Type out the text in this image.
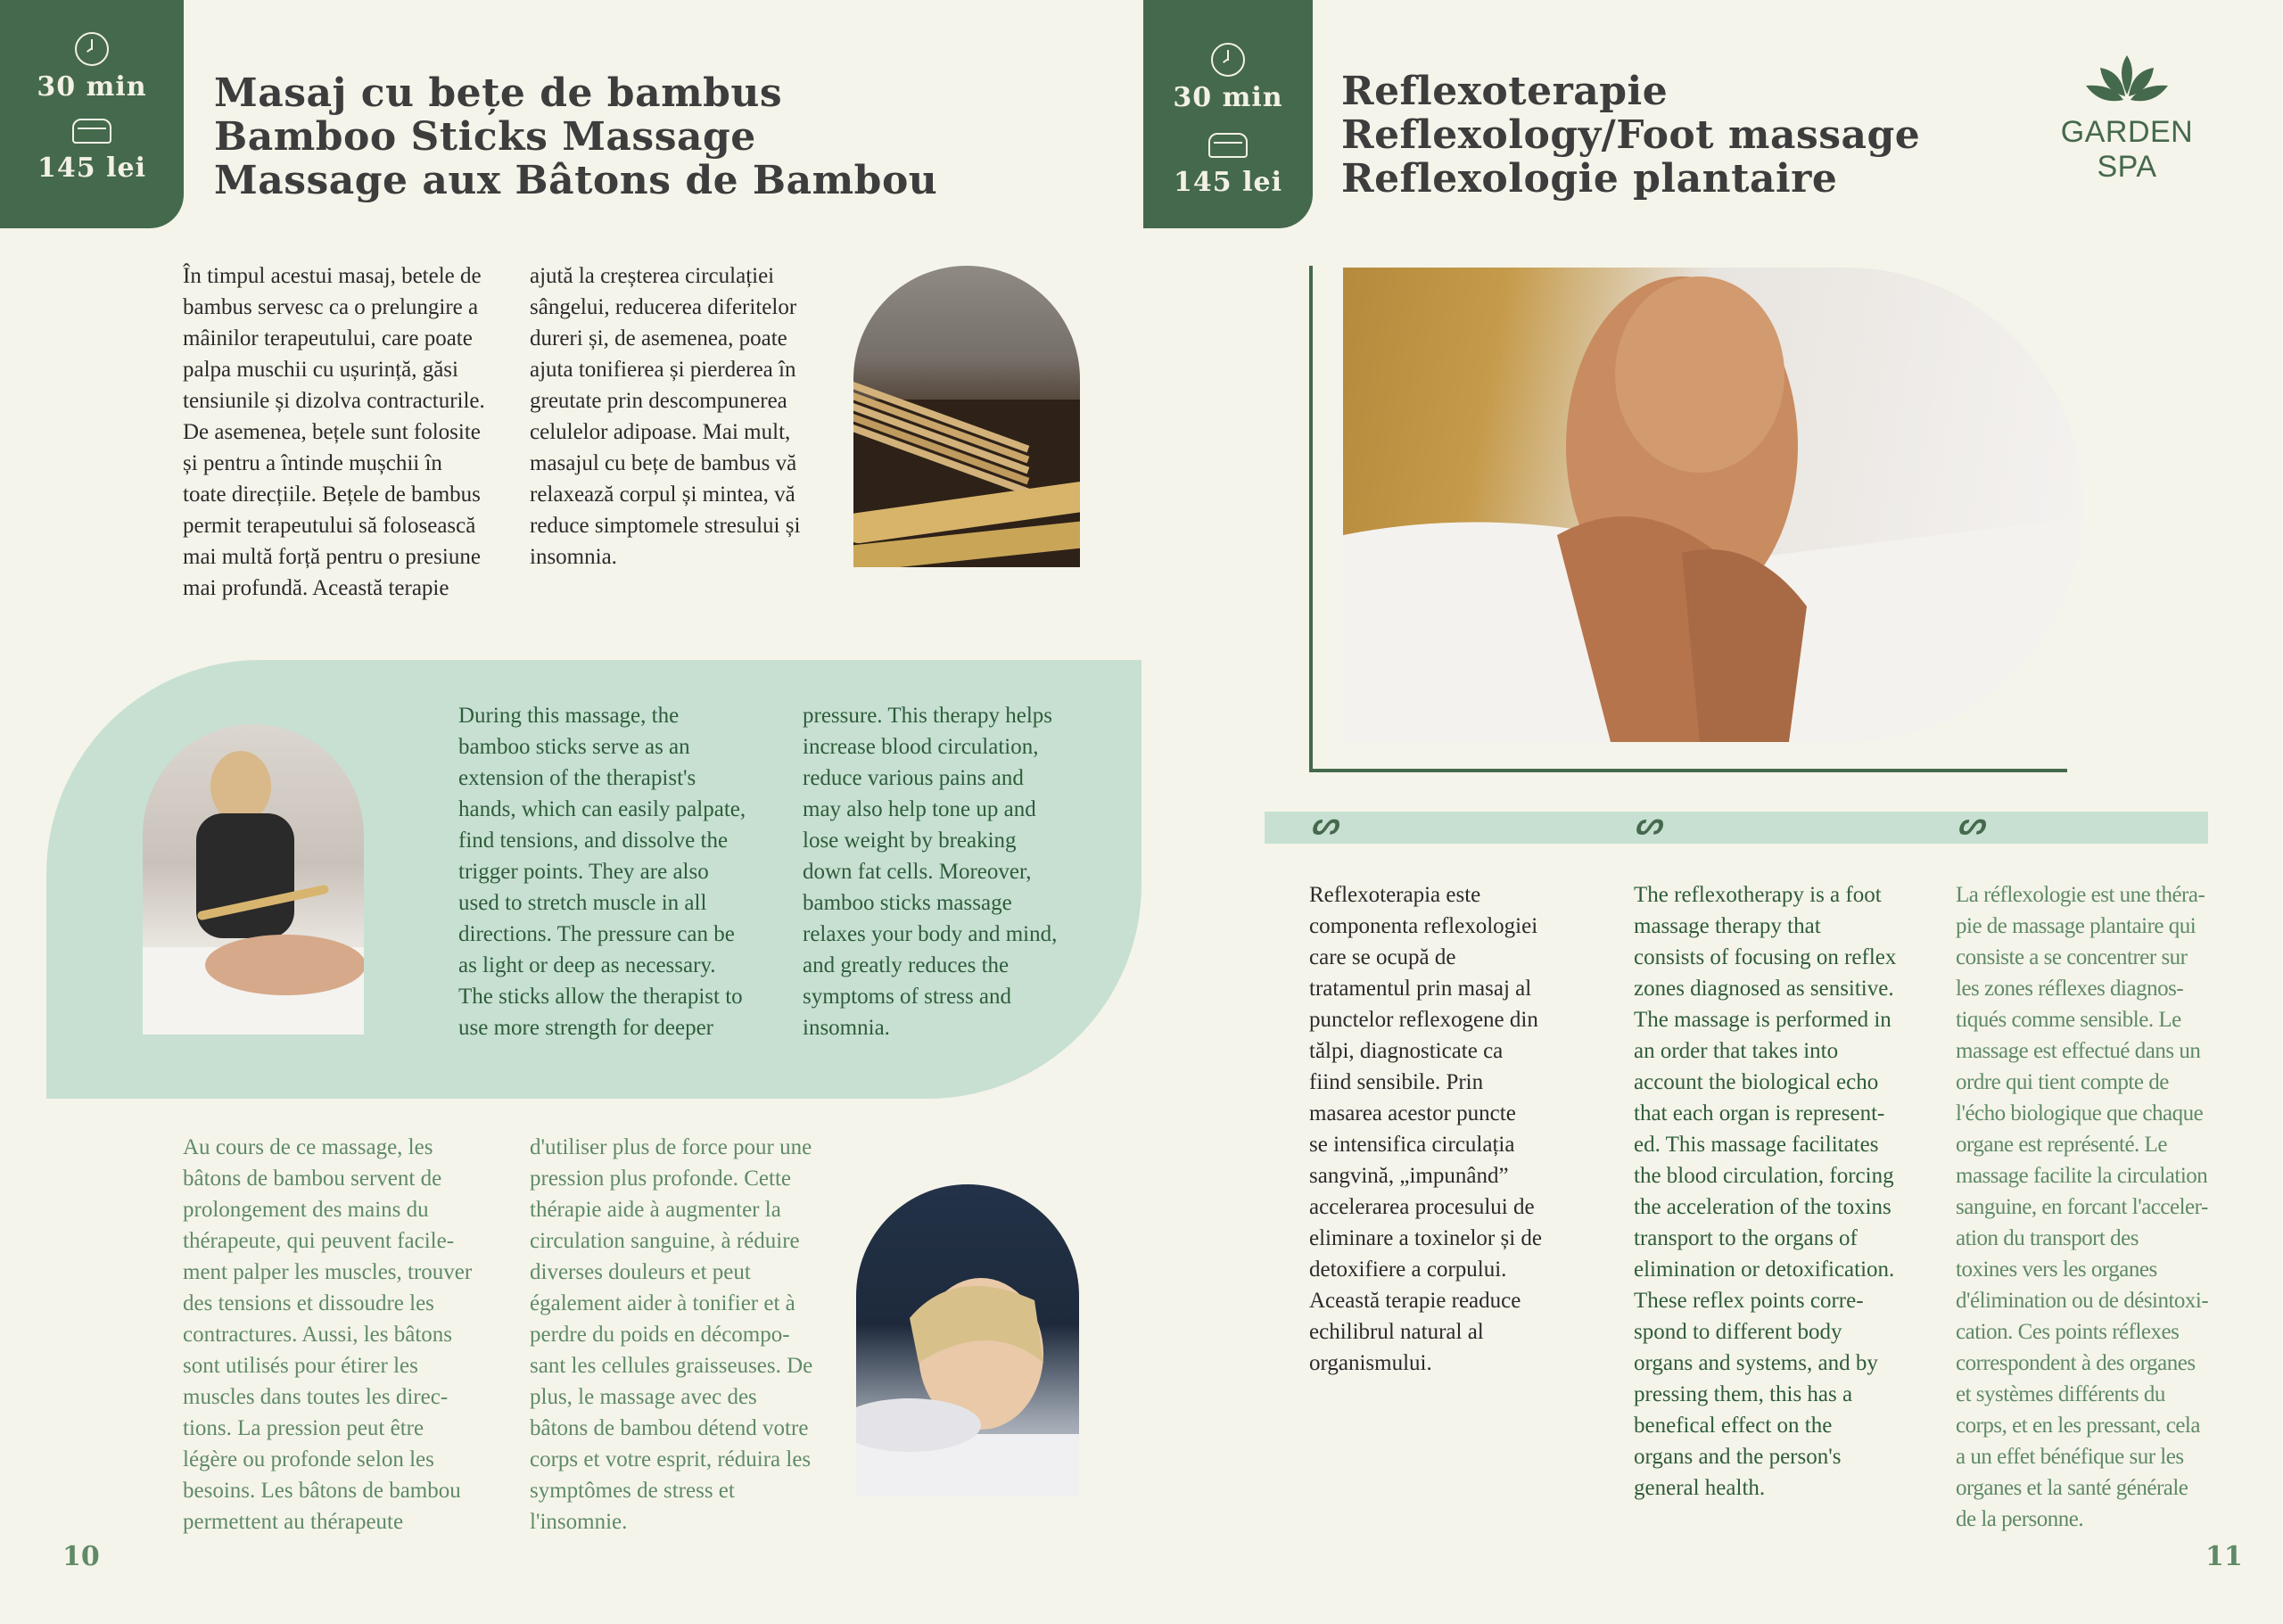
30 min
145 lei
Masaj cu bețe de bambus
Bamboo Sticks Massage
Massage aux Bâtons de Bambou
În timpul acestui masaj, betele de
bambus servesc ca o prelungire a
mâinilor terapeutului, care poate
palpa muschii cu ușurință, găsi
tensiunile și dizolva contracturile.
De asemenea, bețele sunt folosite
și pentru a întinde mușchii în
toate direcțiile. Bețele de bambus
permit terapeutului să folosească
mai multă forță pentru o presiune
mai profundă. Această terapie
ajută la creșterea circulației
sângelui, reducerea diferitelor
dureri și, de asemenea, poate
ajuta tonifierea și pierderea în
greutate prin descompunerea
celulelor adipoase. Mai mult,
masajul cu bețe de bambus vă
relaxează corpul și mintea, vă
reduce simptomele stresului și
insomnia.
During this massage, the
bamboo sticks serve as an
extension of the therapist's
hands, which can easily palpate,
find tensions, and dissolve the
trigger points. They are also
used to stretch muscle in all
directions. The pressure can be
as light or deep as necessary.
The sticks allow the therapist to
use more strength for deeper
pressure. This therapy helps
increase blood circulation,
reduce various pains and
may also help tone up and
lose weight by breaking
down fat cells. Moreover,
bamboo sticks massage
relaxes your body and mind,
and greatly reduces the
symptoms of stress and
insomnia.
Au cours de ce massage, les
bâtons de bambou servent de
prolongement des mains du
thérapeute, qui peuvent facile-
ment palper les muscles, trouver
des tensions et dissoudre les
contractures. Aussi, les bâtons
sont utilisés pour étirer les
muscles dans toutes les direc-
tions. La pression peut être
légère ou profonde selon les
besoins. Les bâtons de bambou
permettent au thérapeute
d'utiliser plus de force pour une
pression plus profonde. Cette
thérapie aide à augmenter la
circulation sanguine, à réduire
diverses douleurs et peut
également aider à tonifier et à
perdre du poids en décompo-
sant les cellules graisseuses. De
plus, le massage avec des
bâtons de bambou détend votre
corps et votre esprit, réduira les
symptômes de stress et
l'insomnie.
10
30 min
145 lei
Reflexoterapie
Reflexology/Foot massage
Reflexologie plantaire
GARDEN SPA
ᔕ	ᔕ	ᔕ
Reflexoterapia este
componenta reflexologiei
care se ocupă de
tratamentul prin masaj al
punctelor reflexogene din
tălpi, diagnosticate ca
fiind sensibile. Prin
masarea acestor puncte
se intensifica circulația
sangvină, „impunând”
accelerarea procesului de
eliminare a toxinelor și de
detoxifiere a corpului.
Această terapie readuce
echilibrul natural al
organismului.
The reflexotherapy is a foot
massage therapy that
consists of focusing on reflex
zones diagnosed as sensitive.
The massage is performed in
an order that takes into
account the biological echo
that each organ is represent-
ed. This massage facilitates
the blood circulation, forcing
the acceleration of the toxins
transport to the organs of
elimination or detoxification.
These reflex points corre-
spond to different body
organs and systems, and by
pressing them, this has a
benefical effect on the
organs and the person's
general health.
La réflexologie est une théra-
pie de massage plantaire qui
consiste a se concentrer sur
les zones réflexes diagnos-
tiqués comme sensible. Le
massage est effectué dans un
ordre qui tient compte de
l'écho biologique que chaque
organe est représenté. Le
massage facilite la circulation
sanguine, en forcant l'acceler-
ation du transport des
toxines vers les organes
d'élimination ou de désintoxi-
cation. Ces points réflexes
correspondent à des organes
et systèmes différents du
corps, et en les pressant, cela
a un effet bénéfique sur les
organes et la santé générale
de la personne.
11
